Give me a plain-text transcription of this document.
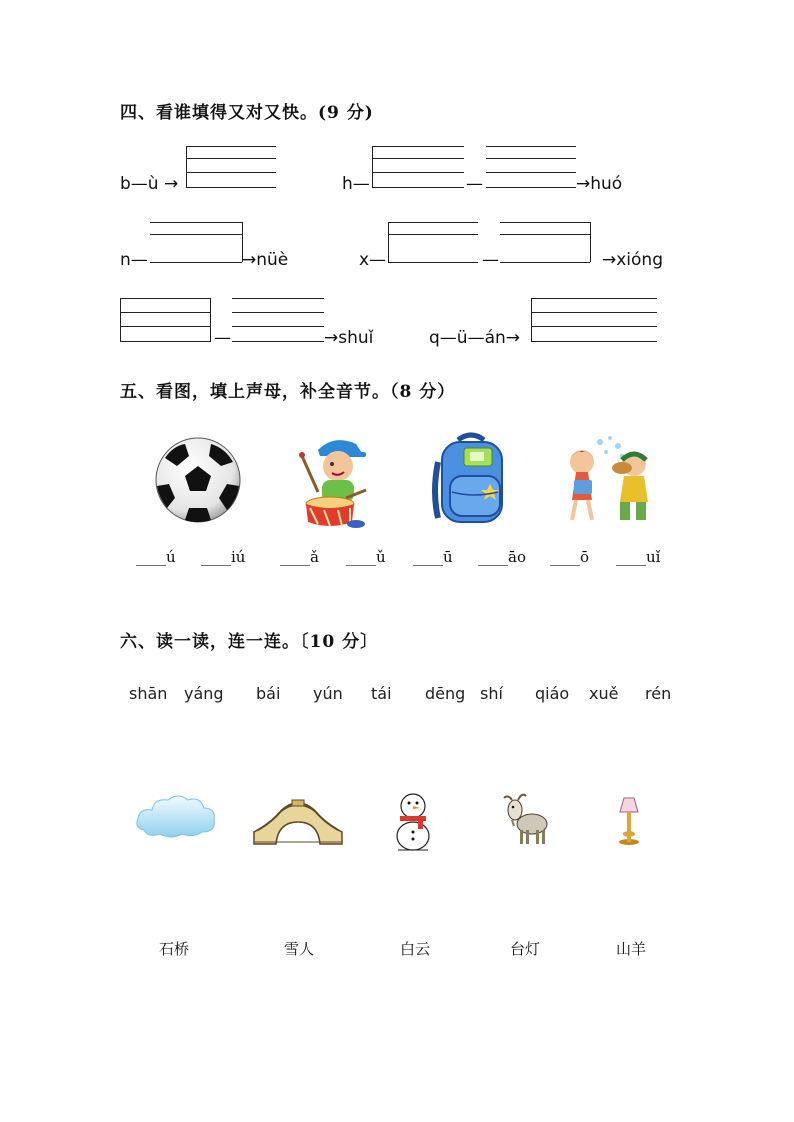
四、看谁填得又对又快。(9 分)
b—ù →	h—	—	→huó
n—	→nüè	x—	—	→xióng
—	→shuǐ	q—ü—án→
五、看图，填上声母，补全音节。（8 分）
____ú ____iú ____ǎ ____ǔ ____ū ____āo ____ō ____uǐ
六、读一读，连一连。〔10 分〕
shān yáng bái yún tái dēng shí qiáo xuě rén
石桥	雪人	白云	台灯	山羊
